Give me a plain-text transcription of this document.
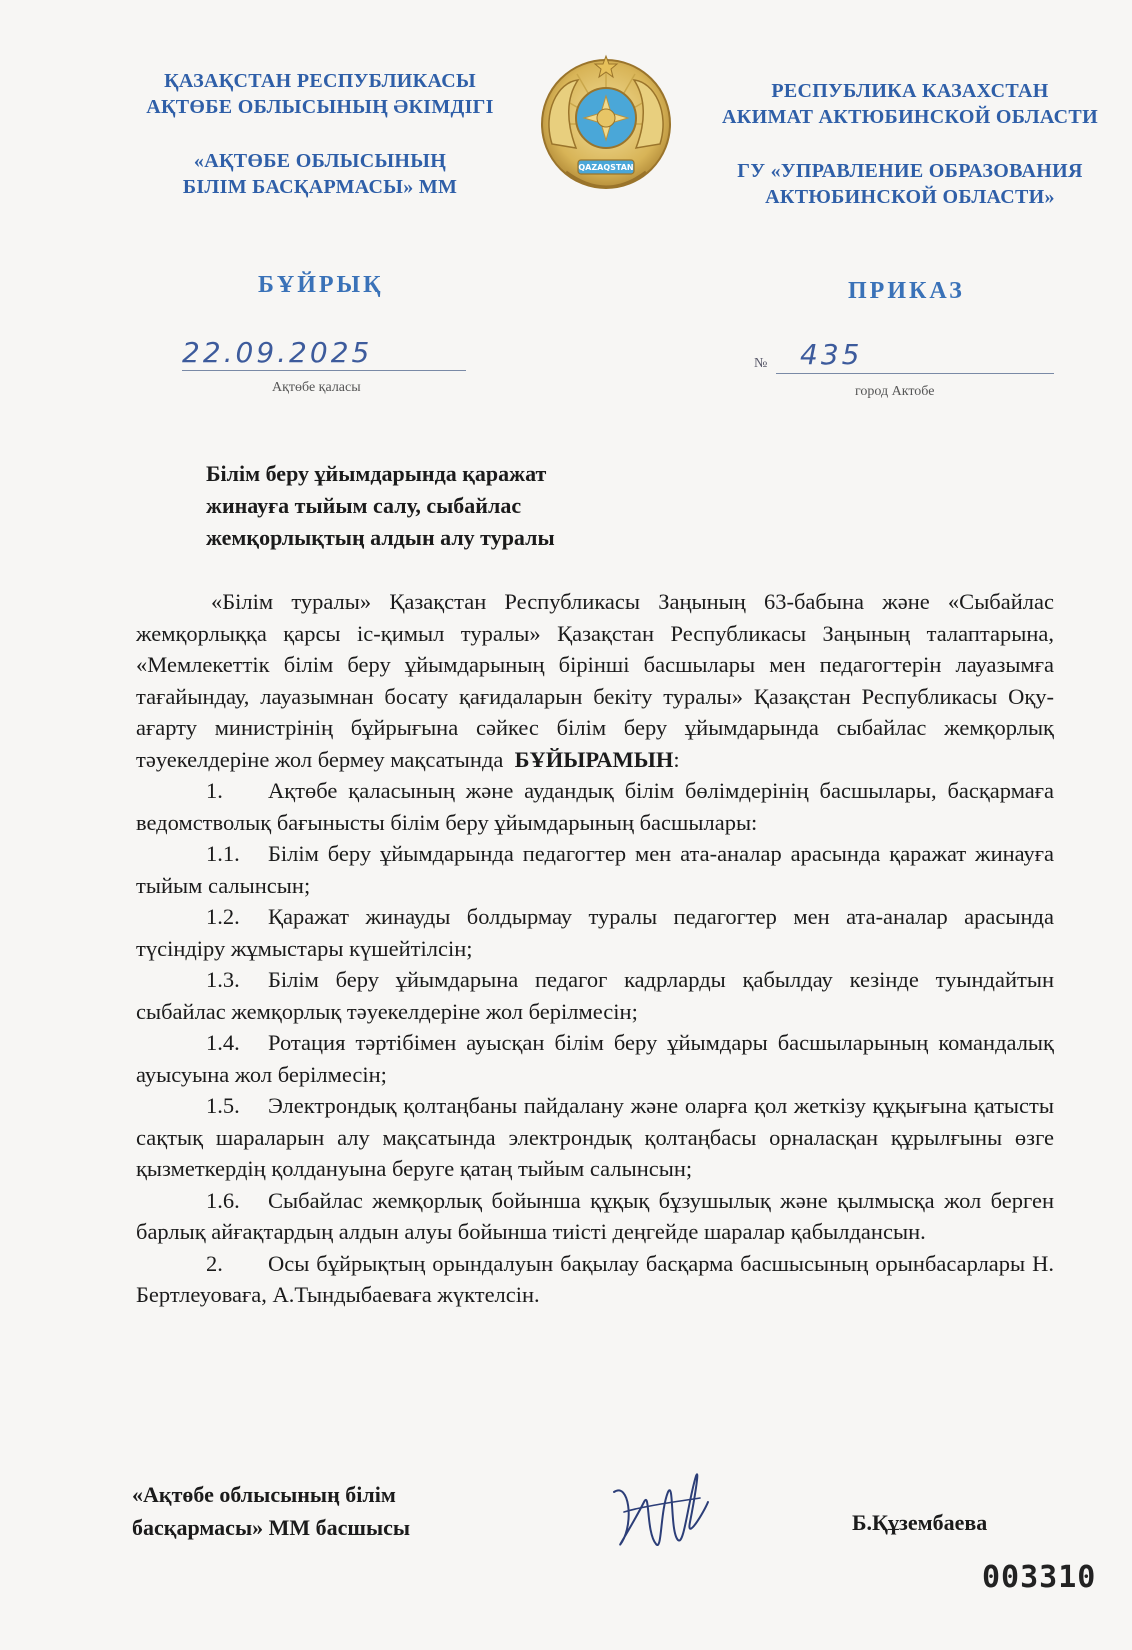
ҚАЗАҚСТАН РЕСПУБЛИКАСЫ
АҚТӨБЕ ОБЛЫСЫНЫҢ ӘКІМДІГІ
«АҚТӨБЕ ОБЛЫСЫНЫҢ
БІЛІМ БАСҚАРМАСЫ» ММ
QAZAQSTAN
РЕСПУБЛИКА КАЗАХСТАН
АКИМАТ АКТЮБИНСКОЙ ОБЛАСТИ
ГУ «УПРАВЛЕНИЕ ОБРАЗОВАНИЯ
АКТЮБИНСКОЙ ОБЛАСТИ»
БҰЙРЫҚ	ПРИКАЗ
22.09.2025
Ақтөбе қаласы
№ 435
город Актобе
Білім беру ұйымдарында қаражат
жинауға тыйым салу, сыбайлас
жемқорлықтың алдын алу туралы

«Білім туралы» Қазақстан Республикасы Заңының 63-бабына және «Сыбайлас жемқорлыққа қарсы іс-қимыл туралы» Қазақстан Республикасы Заңының талаптарына, «Мемлекеттік білім беру ұйымдарының бірінші басшылары мен педагогтерін лауазымға тағайындау, лауазымнан босату қағидаларын бекіту туралы» Қазақстан Республикасы Оқу-ағарту министрінің бұйрығына сәйкес білім беру ұйымдарында сыбайлас жемқорлық тәуекелдеріне жол бермеу мақсатында БҰЙЫРАМЫН:

1. Ақтөбе қаласының және аудандық білім бөлімдерінің басшылары, басқармаға ведомстволық бағынысты білім беру ұйымдарының басшылары:

1.1. Білім беру ұйымдарында педагогтер мен ата-аналар арасында қаражат жинауға тыйым салынсын;

1.2. Қаражат жинауды болдырмау туралы педагогтер мен ата-аналар арасында түсіндіру жұмыстары күшейтілсін;

1.3. Білім беру ұйымдарына педагог кадрларды қабылдау кезінде туындайтын сыбайлас жемқорлық тәуекелдеріне жол берілмесін;

1.4. Ротация тәртібімен ауысқан білім беру ұйымдары басшыларының командалық ауысуына жол берілмесін;

1.5. Электрондық қолтаңбаны пайдалану және оларға қол жеткізу құқығына қатысты сақтық шараларын алу мақсатында электрондық қолтаңбасы орналасқан құрылғыны өзге қызметкердің қолдануына беруге қатаң тыйым салынсын;

1.6. Сыбайлас жемқорлық бойынша құқық бұзушылық және қылмысқа жол берген барлық айғақтардың алдын алуы бойынша тиісті деңгейде шаралар қабылдансын.

2. Осы бұйрықтың орындалуын бақылау басқарма басшысының орынбасарлары Н. Бертлеуоваға, А.Тындыбаеваға жүктелсін.

«Ақтөбе облысының білім
басқармасы» ММ басшысы	Б.Құзембаева
003310
